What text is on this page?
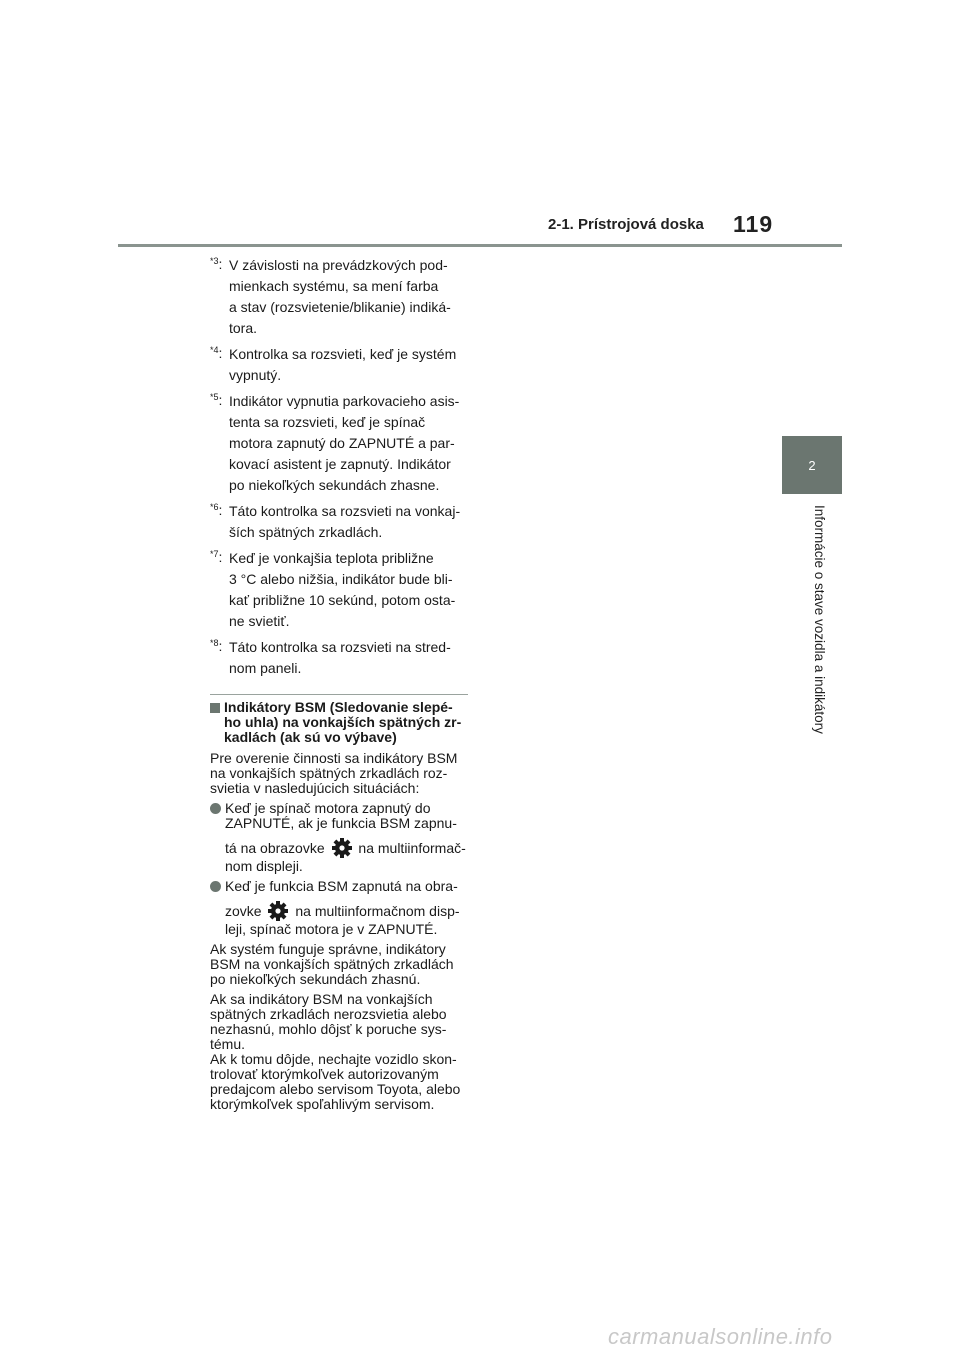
2-1. Prístrojová doska 119
2
Informácie o stave vozidla a indikátory
$^{*3}$: V závislosti na prevádzkových pod-
mienkach systému, sa mení farba
a stav (rozsvietenie/blikanie) indiká-
tora.
$^{*4}$: Kontrolka sa rozsvieti, keď je systém
vypnutý.
$^{*5}$: Indikátor vypnutia parkovacieho asis-
tenta sa rozsvieti, keď je spínač
motora zapnutý do ZAPNUTÉ a par-
kovací asistent je zapnutý. Indikátor
po niekoľkých sekundách zhasne.
$^{*6}$: Táto kontrolka sa rozsvieti na vonkaj-
ších spätných zrkadlách.
$^{*7}$: Keď je vonkajšia teplota približne
3 °C alebo nižšia, indikátor bude bli-
kať približne 10 sekúnd, potom osta-
ne svietiť.
$^{*8}$: Táto kontrolka sa rozsvieti na stred-
nom paneli.
Indikátory BSM (Sledovanie slepé-
ho uhla) na vonkajších spätných zr-
kadlách (ak sú vo výbave)

Pre overenie činnosti sa indikátory BSM
na vonkajších spätných zrkadlách roz-
svietia v nasledujúcich situáciách:

Keď je spínač motora zapnutý do
ZAPNUTÉ, ak je funkcia BSM zapnu-
tá na obrazovke na multiinformač-
nom displeji.
Keď je funkcia BSM zapnutá na obra-
zovke na multiinformačnom disp-
leji, spínač motora je v ZAPNUTÉ.

Ak systém funguje správne, indikátory
BSM na vonkajších spätných zrkadlách
po niekoľkých sekundách zhasnú.

Ak sa indikátory BSM na vonkajších
spätných zrkadlách nerozsvietia alebo
nezhasnú, mohlo dôjsť k poruche sys-
tému.
Ak k tomu dôjde, nechajte vozidlo skon-
trolovať ktorýmkoľvek autorizovaným
predajcom alebo servisom Toyota, alebo
ktorýmkoľvek spoľahlivým servisom.

carmanualsonline.info
